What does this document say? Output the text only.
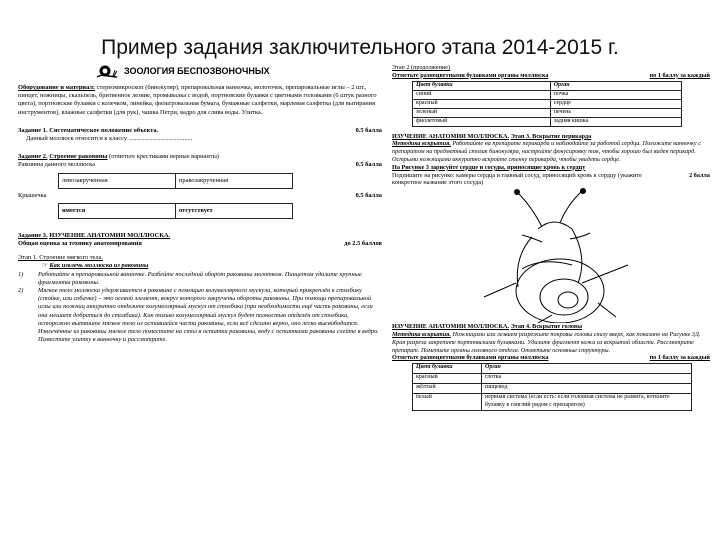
Пример задания заключительного этапа 2014-2015 г.
ЗООЛОГИЯ БЕСПОЗВОНОЧНЫХ
Оборудование и материал: стереомикроскоп (бинокуляр), препаровальная ванночка, молоточек, препаровальные иглы – 2 шт., пинцет, ножницы, скальпель, бритвенное лезвие, промывалка с водой, портновские булавки с цветными головками (6 штук разного цвета), портновские булавки с колечком, линейка, фильтровальная бумага, бумажные салфетки, марлевая салфетка (для вытирания инструментов), влажные салфетки (для рук), чашка Петри, вадро для слива воды. Улитка.
Задание 1. Систематическое положение объекта.	0.5 балла
Данный моллюск относится к классу ........................................
Задание 2. Строение раковины (отметьте крестиками верные варианты)
Раковина данного моллюска	0.5 балла
левозакрученная	правозакрученная
Крышечка	0.5 балла
имеется	отсутствует
Задание 3. ИЗУЧЕНИЕ АНАТОМИИ МОЛЛЮСКА.
Общая оценка за технику анатомирования	до 2.5 баллов
Этап 1. Строение мягкого тела.
☞ Как извлечь моллюска из раковины
1)	Работайте в препаровальной ванночке. Разбейте последний оборот раковины молотком. Пинцетом удалите крупные фрагменты раковины.
2)	Мягкое тело моллюска удерживается в раковине с помощью колумеллярного мускула, который прикреплён к столбику (стойке, или собачке) – это осевой элемент, вокруг которого закручены обороты раковины. При помощи препаровальной иглы или ножниц аккуратно отделите колумеллярный мускул от столбика (при необходимости ещё часть раковины, если она мешает добраться до столбика). Как только колумеллярный мускул будет полностью отделён от столбика, осторожно вытяните мягкое тело из оставшейся части раковины, если всё сделано верно, оно легко высвободится. Извлечённое из раковины мягкое тело поместите на стол в остатки раковины, воду с остатками раковины слейте в ведро. Поместите улитку в ванночку и рассмотрите.
Этап 2 (продолжение)
Отметьте разноцветными булавками органы моллюска	по 1 баллу за каждый
Цвет булавки	Орган
синий	почка
красный	сердце
зеленый	печень
фиолетовый	задняя кишка
ИЗУЧЕНИЕ АНАТОМИИ МОЛЛЮСКА. Этап 3. Вскрытие перикарда
Методика вскрытия. Работайте на препарате перикарда и наблюдайте за работой сердца. Положите ванночку с препаратом на предметный столик бинокуляра, настройте фокусировку так, чтобы хорошо был виден перикард. Острыми ножницами аккуратно вскройте стенку перикарда, чтобы увидеть сердце.
На Рисунке 3 зарисуйте сердце и сосуды, приносящие кровь к сердцу
Подпишите на рисунке: камеры сердца и главный сосуд, приносящий кровь к сердцу (укажите конкретное название этого сосуда)
2 балла
ИЗУЧЕНИЕ АНАТОМИИ МОЛЛЮСКА. Этап 4. Вскрытие головы
Методика вскрытия. Ножницами или лезвием разрежьте покровы головы снизу вверх, как показано на Рисунке 3Д. Края разреза закрепите портновскими булавками. Удалите фрагмент кожи из вскрытой области. Рассмотрите препарат. Пометьте органы головного отдела. Отметьте основные структуры.
Отметьте разноцветными булавками органы моллюска	по 1 баллу за каждый
Цвет булавки	Орган
красный	глотка
жёлтый	пищевод
белый	нервная система (если есть: если головная система не развита, воткните булавку в ганглий рядом с препаратом)
